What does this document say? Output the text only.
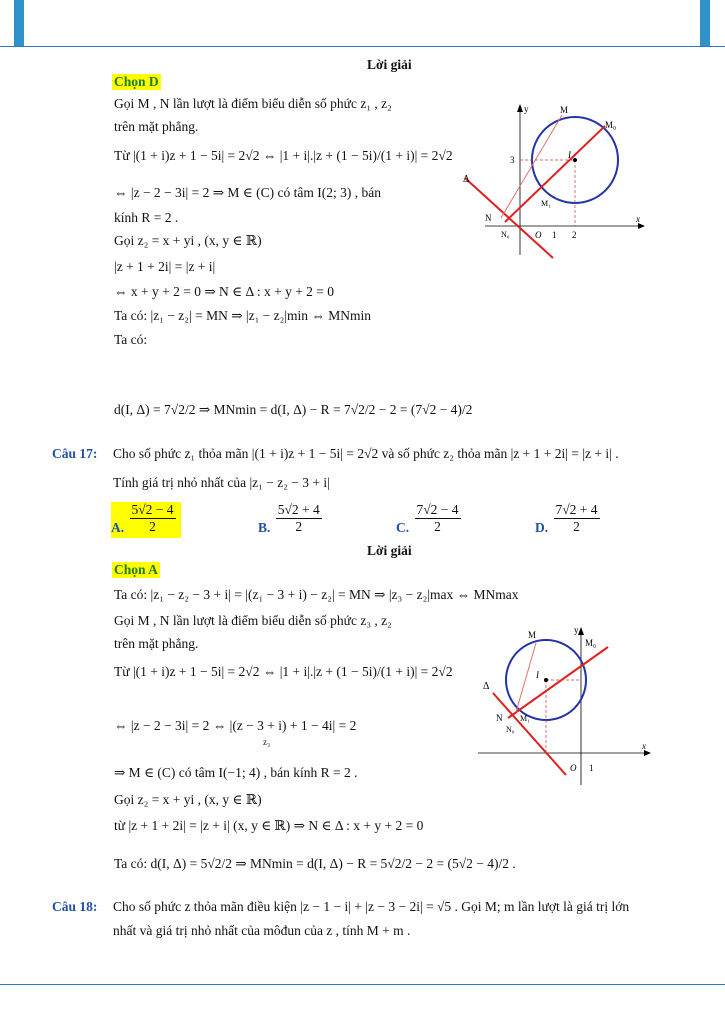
Lời giải
Chọn D
Gọi M , N lần lượt là điểm biểu diễn số phức z₁ , z₂
trên mặt phẳng.
Từ |(1 + i)z + 1 − 5i| = 2√2 ⇔ |1 + i|.|z + (1 − 5i)/(1 + i)| = 2√2
⇔ |z − 2 − 3i| = 2 ⇒ M ∈ (C) có tâm I(2; 3) , bán
kính R = 2 .
Gọi z₂ = x + yi , (x, y ∈ ℝ)
|z + 1 + 2i| = |z + i|
⇔ x + y + 2 = 0 ⇒ N ∈ Δ : x + y + 2 = 0
Ta có: |z₁ − z₂| = MN ⇒ |z₁ − z₂|min ⇔ MNmin
Ta có:
d(I, Δ) = 7√2/2 ⇒ MNmin = d(I, Δ) − R = 7√2/2 − 2 = (7√2 − 4)/2
y
x
M
M₀
I
3
Δ
N
M₁
N₀	O 1 2
Câu 17: Cho số phức z₁ thỏa mãn |(1 + i)z + 1 − 5i| = 2√2 và số phức z₂ thỏa mãn |z + 1 + 2i| = |z + i| .
Tính giá trị nhỏ nhất của |z₁ − z₂ − 3 + i|
A. $\frac{5√2 - 4}{2}$	B. $\frac{5√2 + 4}{2}$	C. $\frac{7√2 - 4}{2}$	D. $\frac{7√2 + 4}{2}$
Lời giải
Chọn A
Ta có: |z₁ − z₂ − 3 + i| = |(z₁ − 3 + i) − z₂| = MN ⇒ |z₃ − z₂|max ⇔ MNmax
Gọi M , N lần lượt là điểm biểu diễn số phức z₃ , z₂
trên mặt phẳng.
Từ |(1 + i)z + 1 − 5i| = 2√2 ⇔ |1 + i|.|z + (1 − 5i)/(1 + i)| = 2√2
⇔ |z − 2 − 3i| = 2 ⇔ |(z − 3 + i) + 1 − 4i| = 2
z₃
⇒ M ∈ (C) có tâm I(−1; 4) , bán kính R = 2 .
Gọi z₂ = x + yi , (x, y ∈ ℝ)
từ |z + 1 + 2i| = |z + i| (x, y ∈ ℝ) ⇒ N ∈ Δ : x + y + 2 = 0
Ta có: d(I, Δ) = 5√2/2 ⇒ MNmin = d(I, Δ) − R = 5√2/2 − 2 = (5√2 − 4)/2 .
M	y
M₀
I
Δ
N M₁
N₀
x
O 1
Câu 18: Cho số phức z thỏa mãn điều kiện |z − 1 − i| + |z − 3 − 2i| = √5 . Gọi M; m lần lượt là giá trị lớn
nhất và giá trị nhỏ nhất của môđun của z , tính M + m .
